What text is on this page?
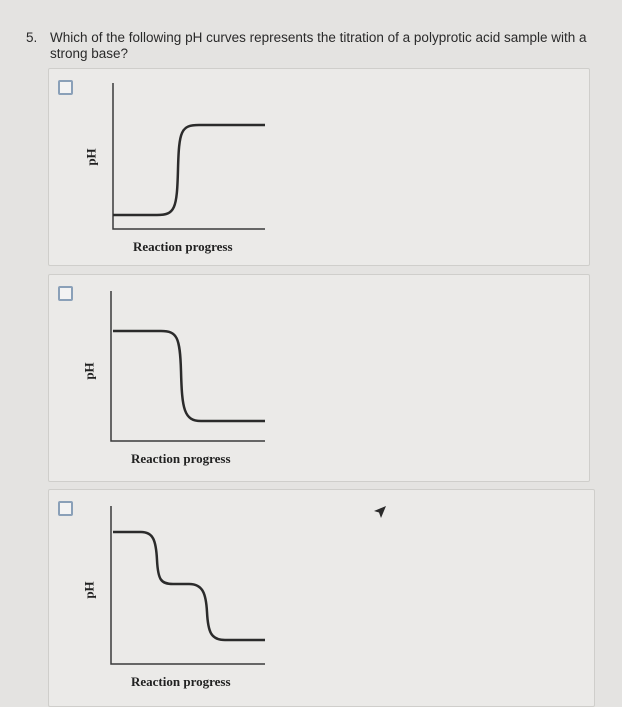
5. Which of the following pH curves represents the titration of a polyprotic acid sample with a strong base?
pH
Reaction progress
pH
Reaction progress
pH
Reaction progress
